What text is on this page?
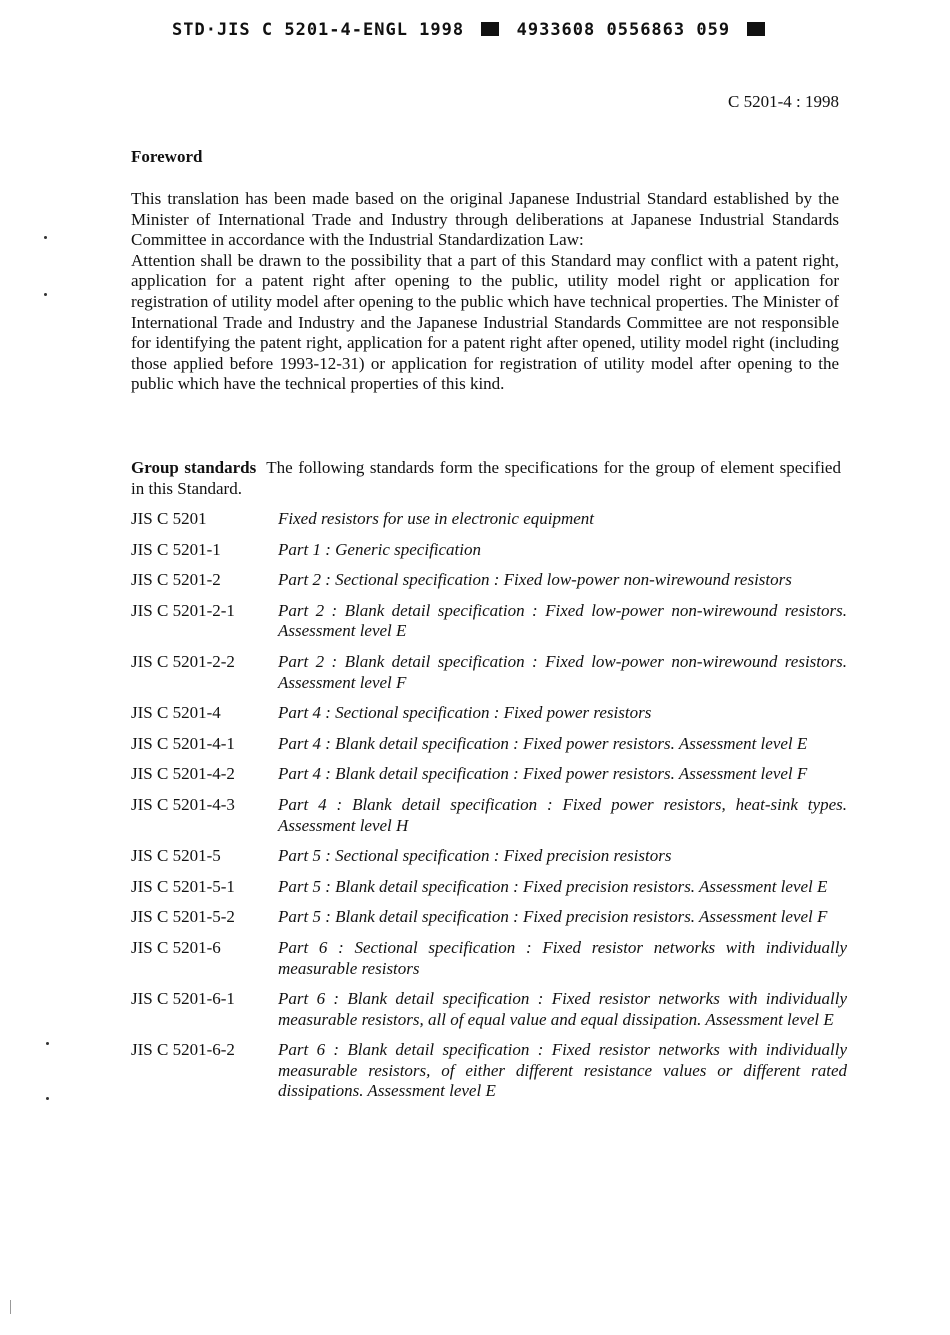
STD·JIS C 5201-4-ENGL 1998	4933608 0556863 059
C 5201-4 : 1998
Foreword

This translation has been made based on the original Japanese Industrial Standard established by the Minister of International Trade and Industry through deliberations at Japanese Industrial Standards Committee in accordance with the Industrial Standardization Law:

Attention shall be drawn to the possibility that a part of this Standard may conflict with a patent right, application for a patent right after opening to the public, utility model right or application for registration of utility model after opening to the public which have technical properties. The Minister of International Trade and Industry and the Japanese Industrial Standards Committee are not responsible for identifying the patent right, application for a patent right after opened, utility model right (including those applied before 1993-12-31) or application for registration of utility model after opening to the public which have the technical properties of this kind.

Group standards The following standards form the specifications for the group of element specified in this Standard.
JIS C 5201	Fixed resistors for use in electronic equipment
JIS C 5201-1	Part 1 : Generic specification
JIS C 5201-2	Part 2 : Sectional specification : Fixed low-power non-wirewound resistors
JIS C 5201-2-1	Part 2 : Blank detail specification : Fixed low-power non-wirewound resistors. Assessment level E
JIS C 5201-2-2	Part 2 : Blank detail specification : Fixed low-power non-wirewound resistors. Assessment level F
JIS C 5201-4	Part 4 : Sectional specification : Fixed power resistors
JIS C 5201-4-1	Part 4 : Blank detail specification : Fixed power resistors. Assessment level E
JIS C 5201-4-2	Part 4 : Blank detail specification : Fixed power resistors. Assessment level F
JIS C 5201-4-3	Part 4 : Blank detail specification : Fixed power resistors, heat-sink types. Assessment level H
JIS C 5201-5	Part 5 : Sectional specification : Fixed precision resistors
JIS C 5201-5-1	Part 5 : Blank detail specification : Fixed precision resistors. Assessment level E
JIS C 5201-5-2	Part 5 : Blank detail specification : Fixed precision resistors. Assessment level F
JIS C 5201-6	Part 6 : Sectional specification : Fixed resistor networks with individually measurable resistors
JIS C 5201-6-1	Part 6 : Blank detail specification : Fixed resistor networks with individually measurable resistors, all of equal value and equal dissipation. Assessment level E
JIS C 5201-6-2	Part 6 : Blank detail specification : Fixed resistor networks with individually measurable resistors, of either different resistance values or different rated dissipations. Assessment level E
